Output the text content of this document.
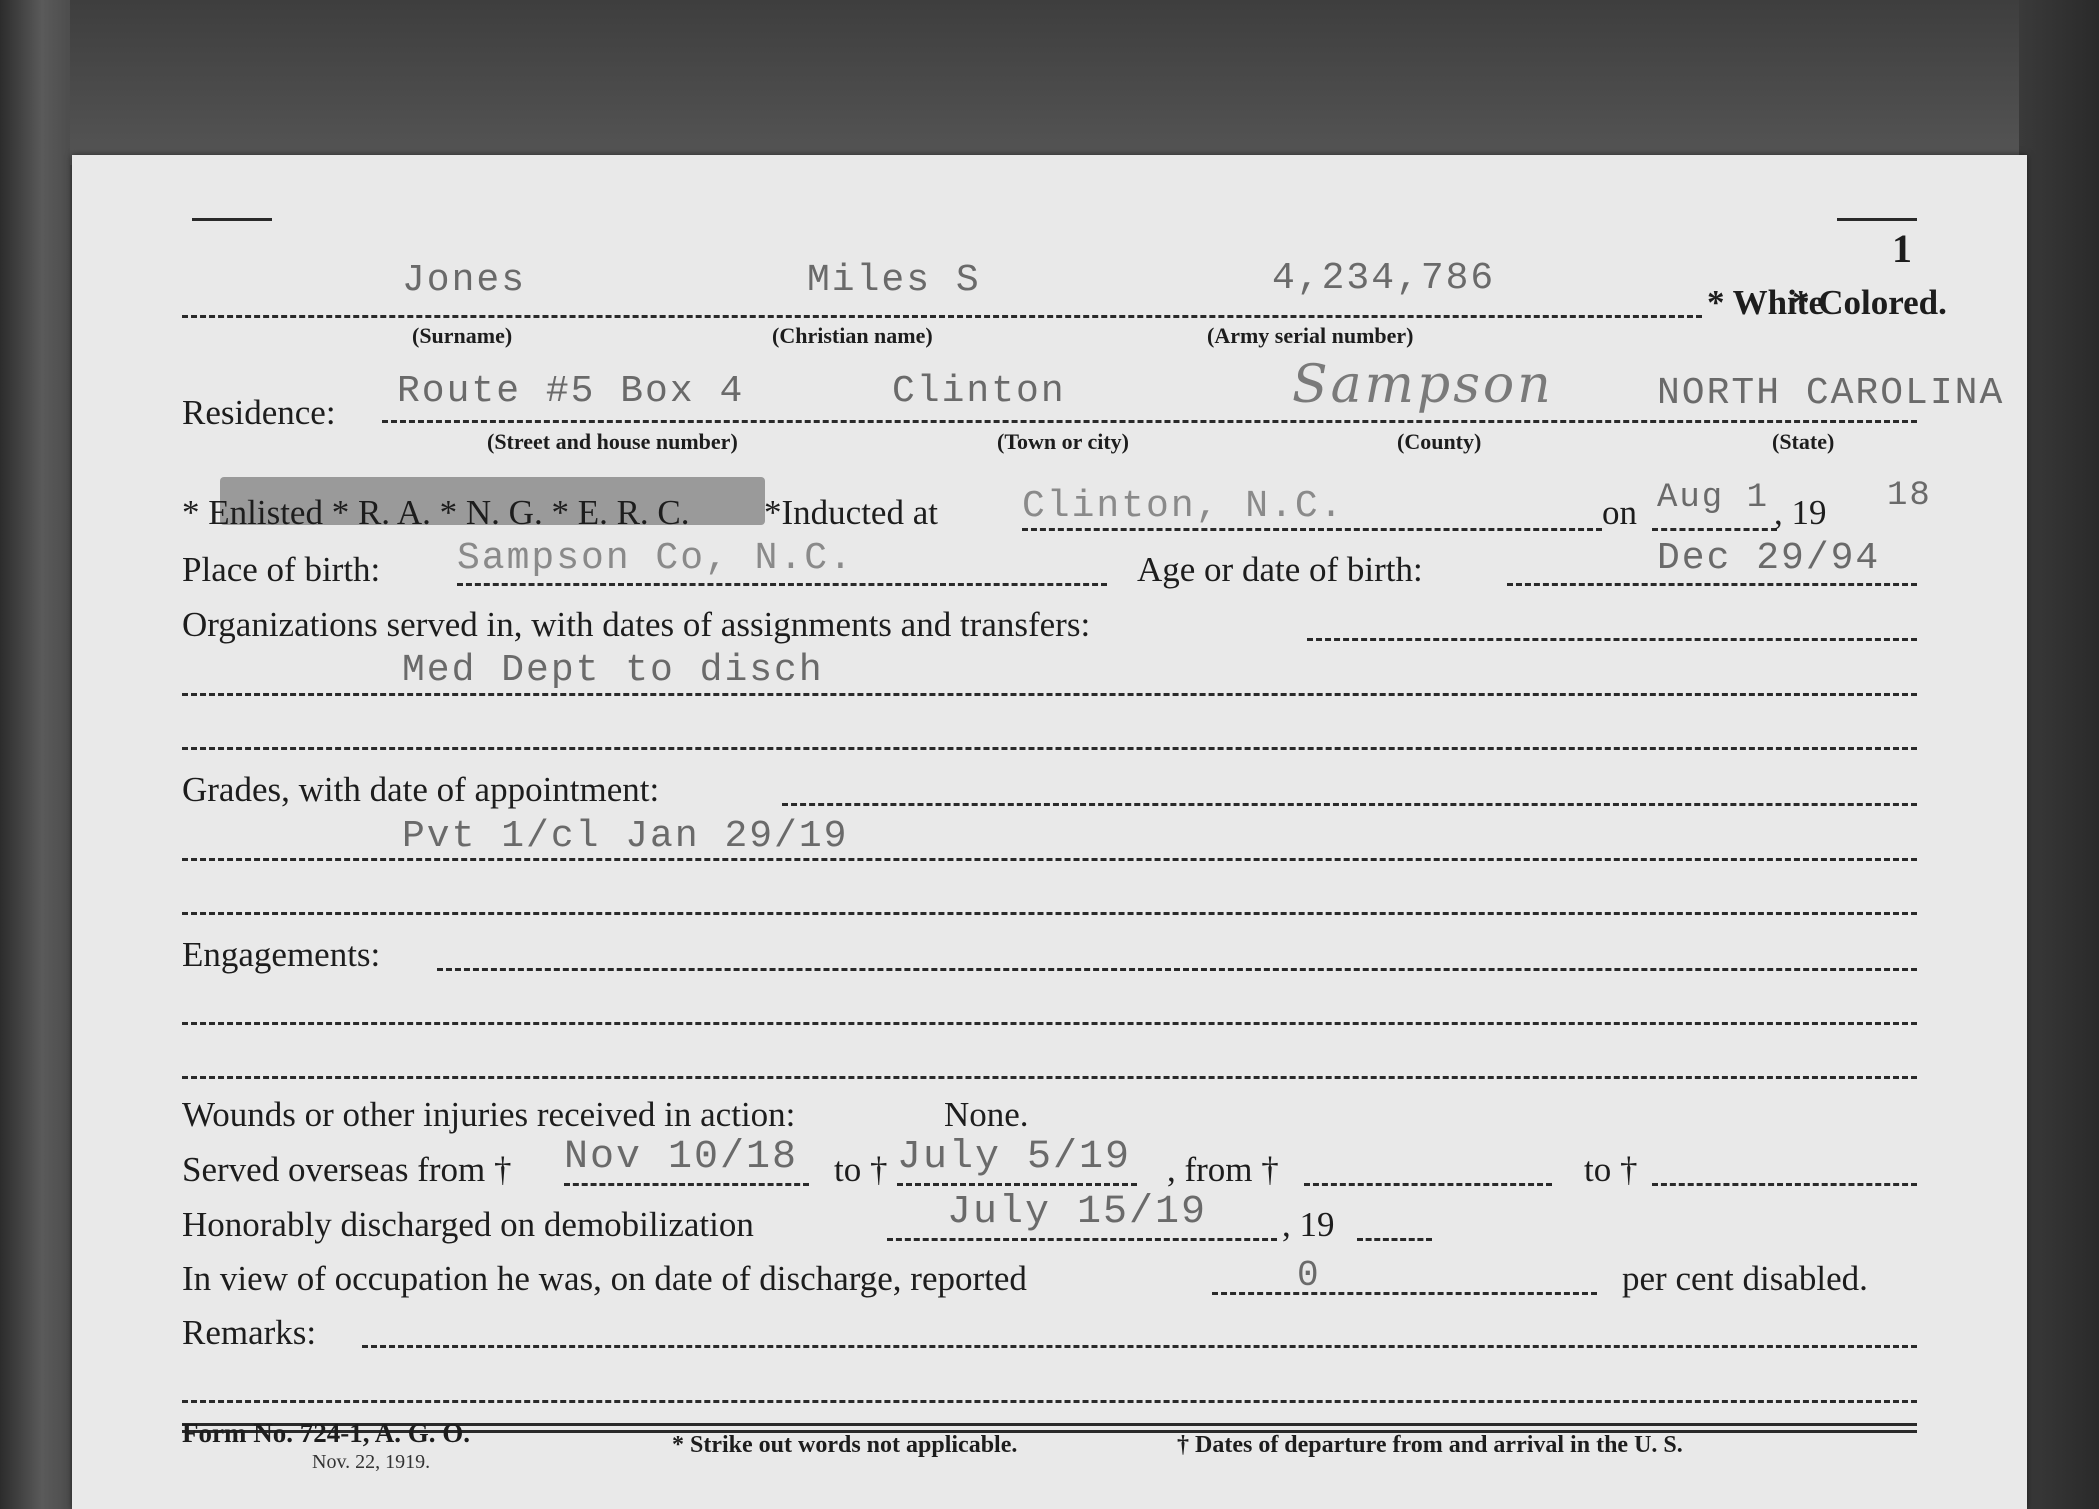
1
Jones	Miles S	4,234,786
* White
* Colored.
(Surname)	(Christian name)	(Army serial number)
Residence: Route #5 Box 4	Clinton	Sampson	NORTH CAROLINA
(Street and house number)	(Town or city)	(County)	(State)
* Enlisted * R. A. * N. G. * E. R. C. *Inducted at Clinton, N.C.	on Aug 1 , 19 18
Place of birth: Sampson Co, N.C.	Age or date of birth:	Dec 29/94
Organizations served in, with dates of assignments and transfers:
Med Dept to disch
Grades, with date of appointment:
Pvt 1/cl Jan 29/19
Engagements:
Wounds or other injuries received in action:	None.
Served overseas from † Nov 10/18 to † July 5/19 , from †	to †
Honorably discharged on demobilization	July 15/19 , 19
In view of occupation he was, on date of discharge, reported	0	per cent disabled.
Remarks:
Form No. 724-1, A. G. O.
Nov. 22, 1919.
* Strike out words not applicable.	† Dates of departure from and arrival in the U. S.
